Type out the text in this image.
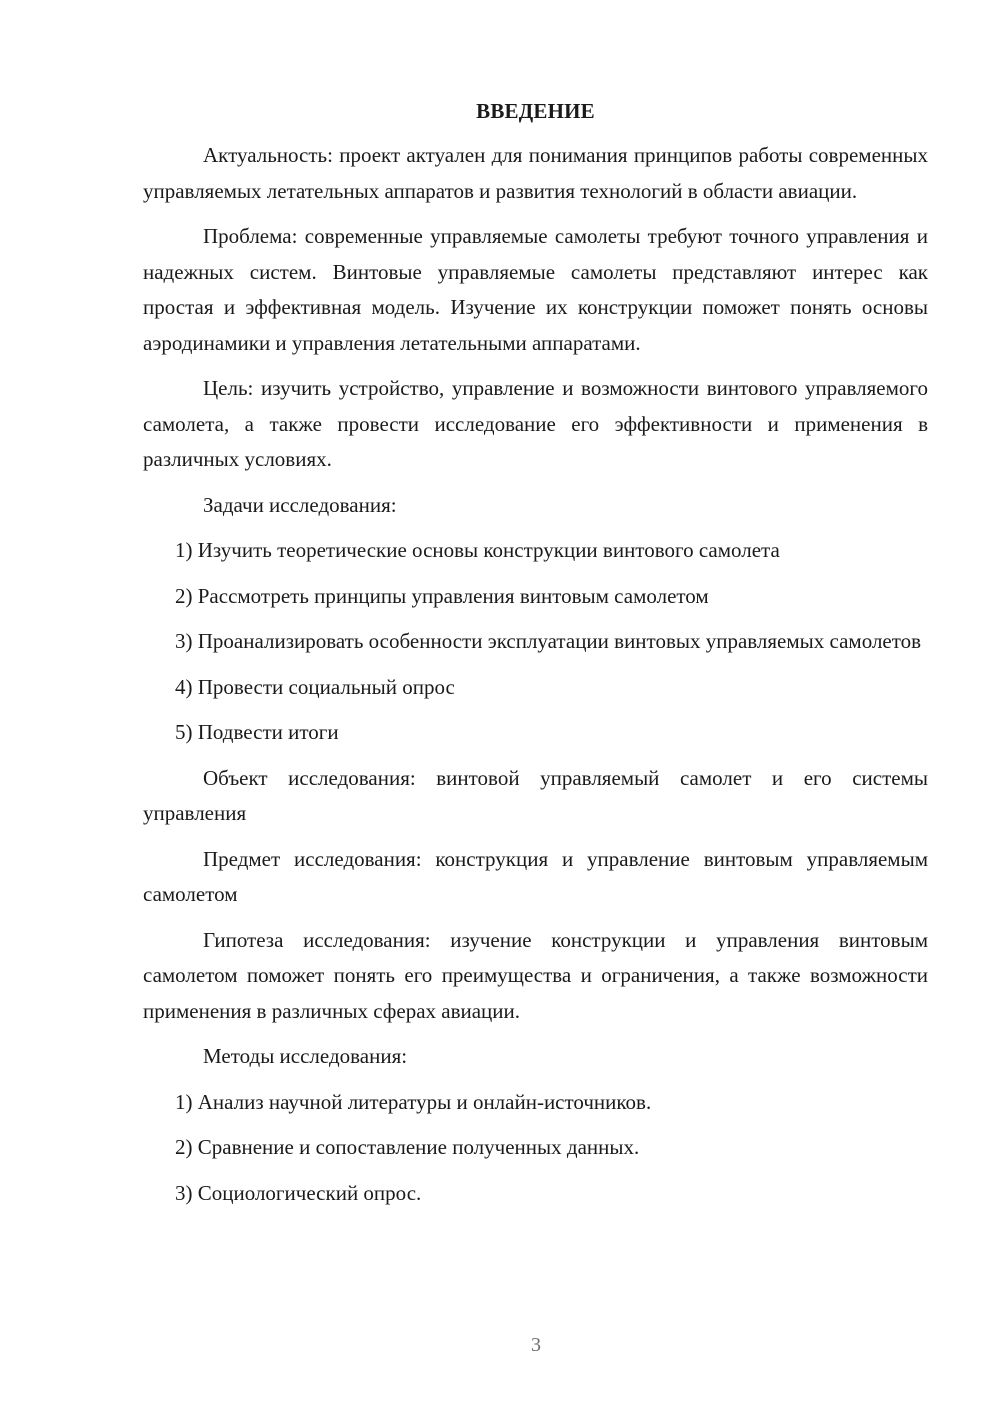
ВВЕДЕНИЕ

Актуальность: проект актуален для понимания принципов работы современных управляемых летательных аппаратов и развития технологий в области авиации.

Проблема: современные управляемые самолеты требуют точного управления и надежных систем. Винтовые управляемые самолеты представляют интерес как простая и эффективная модель. Изучение их конструкции поможет понять основы аэродинамики и управления летательными аппаратами.

Цель: изучить устройство, управление и возможности винтового управляемого самолета, а также провести исследование его эффективности и применения в различных условиях.

Задачи исследования:

1) Изучить теоретические основы конструкции винтового самолета

2) Рассмотреть принципы управления винтовым самолетом

3) Проанализировать особенности эксплуатации винтовых управляемых самолетов

4) Провести социальный опрос

5) Подвести итоги

Объект исследования: винтовой управляемый самолет и его системы управления

Предмет исследования: конструкция и управление винтовым управляемым самолетом

Гипотеза исследования: изучение конструкции и управления винтовым самолетом поможет понять его преимущества и ограничения, а также возможности применения в различных сферах авиации.

Методы исследования:

1) Анализ научной литературы и онлайн-источников.

2) Сравнение и сопоставление полученных данных.

3) Социологический опрос.

3
